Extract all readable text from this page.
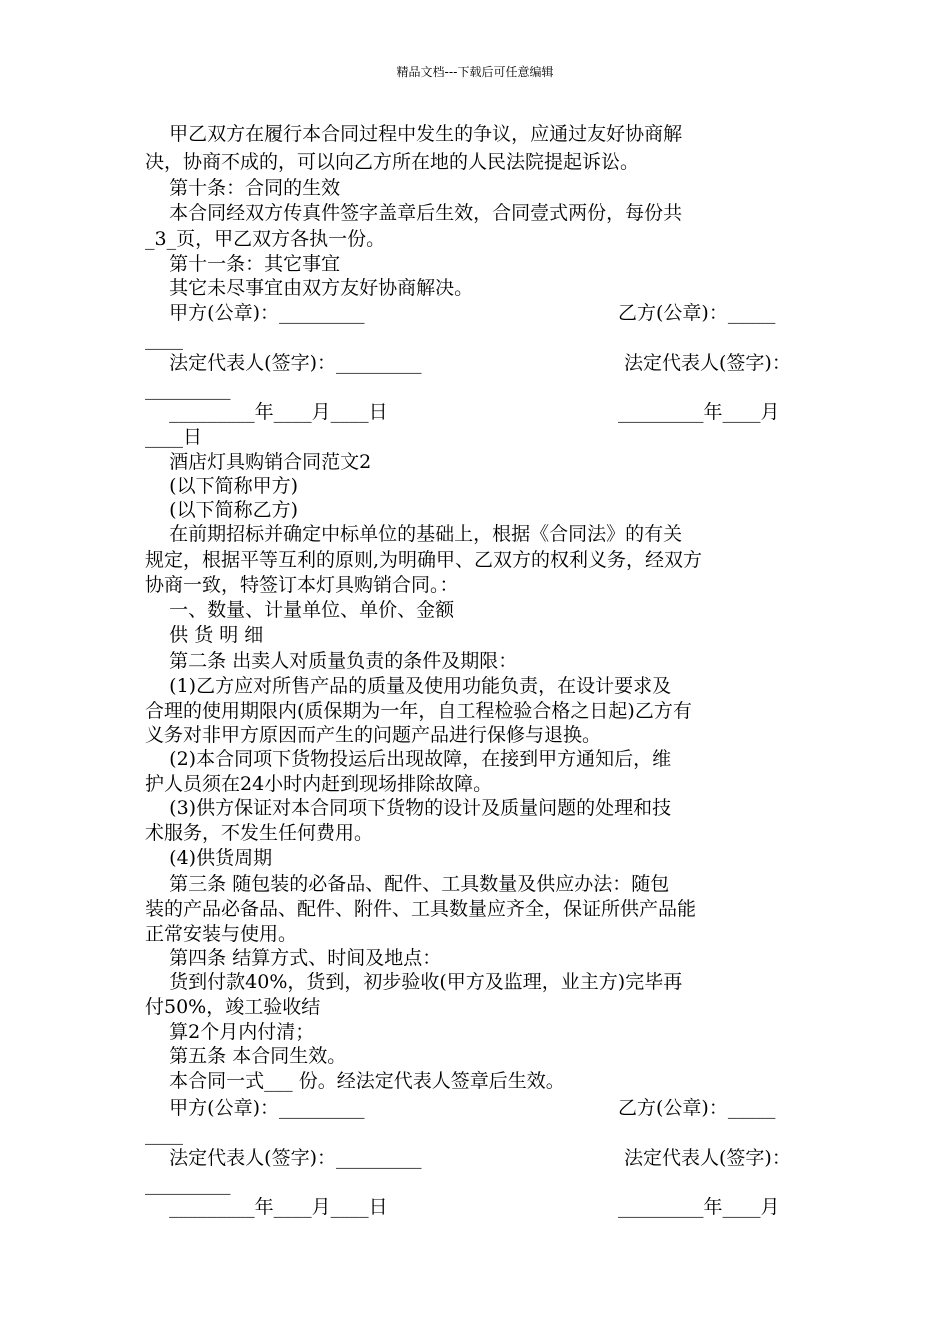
精品文档---下载后可任意编辑
甲乙双方在履行本合同过程中发生的争议，应通过友好协商解
决，协商不成的，可以向乙方所在地的人民法院提起诉讼。
第十条：合同的生效
本合同经双方传真件签字盖章后生效，合同壹式两份，每份共
_3_页，甲乙双方各执一份。
第十一条：其它事宜
其它未尽事宜由双方友好协商解决。
甲方(公章)：_________	乙方(公章)：_____
____
法定代表人(签字)：_________	法定代表人(签字)：
_________
_________年____月____日	_________年____月
____日
酒店灯具购销合同范文2
(以下简称甲方)
(以下简称乙方)
在前期招标并确定中标单位的基础上，根据《合同法》的有关
规定，根据平等互利的原则,为明确甲、乙双方的权利义务，经双方
协商一致，特签订本灯具购销合同。：
一、数量、计量单位、单价、金额
供 货 明 细
第二条 出卖人对质量负责的条件及期限：
(1)乙方应对所售产品的质量及使用功能负责，在设计要求及
合理的使用期限内(质保期为一年，自工程检验合格之日起)乙方有
义务对非甲方原因而产生的问题产品进行保修与退换。
(2)本合同项下货物投运后出现故障，在接到甲方通知后，维
护人员须在24小时内赶到现场排除故障。
(3)供方保证对本合同项下货物的设计及质量问题的处理和技
术服务，不发生任何费用。
(4)供货周期
第三条 随包装的必备品、配件、工具数量及供应办法：随包
装的产品必备品、配件、附件、工具数量应齐全，保证所供产品能
正常安装与使用。
第四条 结算方式、时间及地点：
货到付款40%，货到，初步验收(甲方及监理，业主方)完毕再
付50%，竣工验收结
算2个月内付清；
第五条 本合同生效。
本合同一式___ 份。经法定代表人签章后生效。
甲方(公章)：_________	乙方(公章)：_____
____
法定代表人(签字)：_________	法定代表人(签字)：
_________
_________年____月____日	_________年____月
